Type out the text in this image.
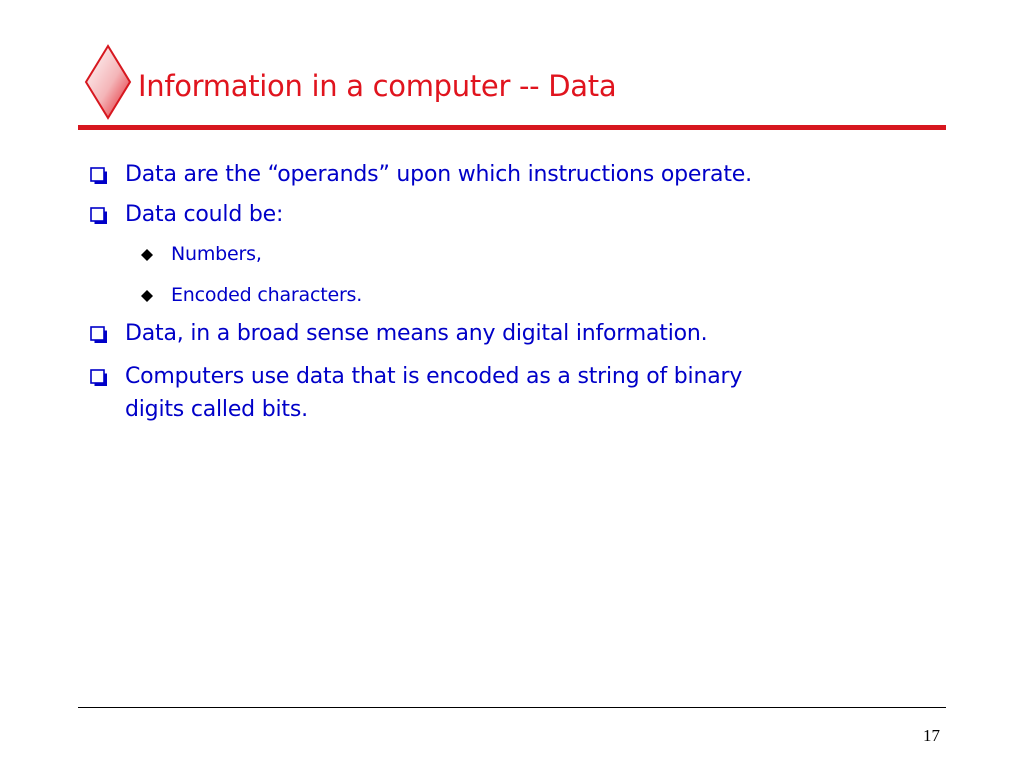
Information in a computer -- Data
Data are the “operands” upon which instructions operate.
Data could be:
Numbers,
Encoded characters.
Data, in a broad sense means any digital information.
Computers use data that is encoded as a string of binary
digits called bits.
17
